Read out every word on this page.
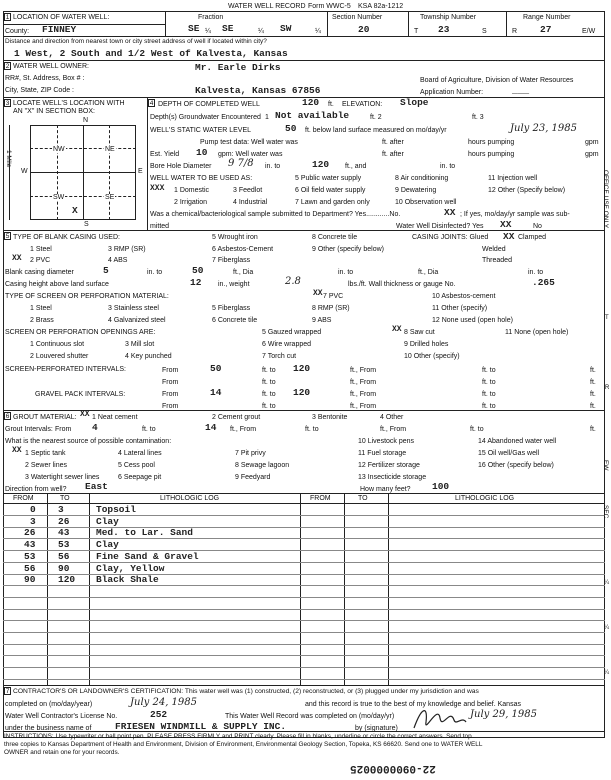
WATER WELL RECORD Form WWC-5 KSA 82a-1212
1 LOCATION OF WATER WELL:
County: FINNEY
Fraction
SE ¼ SE	¼ SW	¼
Section Number
20
Township Number
T 23	S
Range Number
R 27	E/W
Distance and direction from nearest town or city street address of well if located within city?
1 West, 2 South and 1/2 West of Kalvesta, Kansas
2 WATER WELL OWNER:	Mr. Earle Dirks
RR#, St. Address, Box # :	Board of Agriculture, Division of Water Resources
City, State, ZIP Code :	Kalvesta, Kansas 67856	Application Number:	___
3 LOCATE WELL'S LOCATION WITH
AN "X" IN SECTION BOX:
N
S
W	E
1 Mile
NW	NE
SW	SE
X
4 DEPTH OF COMPLETED WELL	120 ft. ELEVATION: Slope
Depth(s) Groundwater Encountered 1 Not available	ft. 2	ft. 3
WELL'S STATIC WATER LEVEL	50 ft. below land surface measured on mo/day/yr	July 23, 1985
Pump test data: Well water was	ft. after	hours pumping	gpm
Est. Yield 10 gpm: Well water was	ft. after	hours pumping	gpm
Bore Hole Diameter 9 7/8 in. to	120 ft., and	in. to
WELL WATER TO BE USED AS:
XXX 1 Domestic	3 Feedlot
5 Public water supply	8 Air conditioning	11 Injection well
2 Irrigation	4 Industrial
6 Oil field water supply	9 Dewatering	12 Other (Specify below)
7 Lawn and garden only	10 Observation well
Was a chemical/bacteriological sample submitted to Department? Yes............No.	XX ; If yes, mo/day/yr sample was sub-
mitted	Water Well Disinfected? Yes XX	No
5 TYPE OF BLANK CASING USED:
1 Steel	3 RMP (SR)
5 Wrought iron	8 Concrete tile
XX 2 PVC	4 ABS
6 Asbestos-Cement	9 Other (specify below)
7 Fiberglass
CASING JOINTS: Glued XX Clamped
Welded
Threaded
Blank casing diameter	5	in. to	50	ft., Dia	in. to	ft., Dia	in. to
Casing height above land surface	12 in., weight	2.8	lbs./ft. Wall thickness or gauge No.	.265
TYPE OF SCREEN OR PERFORATION MATERIAL:	XX 7 PVC
1 Steel	3 Stainless steel	5 Fiberglass	8 RMP (SR)
10 Asbestos-cement
2 Brass	4 Galvanized steel	6 Concrete tile	9 ABS
11 Other (specify)
12 None used (open hole)
SCREEN OR PERFORATION OPENINGS ARE:	5 Gauzed wrapped	XX 8 Saw cut	11 None (open hole)
1 Continuous slot	3 Mill slot	6 Wire wrapped	9 Drilled holes
2 Louvered shutter	4 Key punched	7 Torch cut	10 Other (specify)
SCREEN-PERFORATED INTERVALS:	From	50	ft. to 120	ft., From	ft. to	ft.
From	ft. to	ft., From	ft. to	ft.
GRAVEL PACK INTERVALS:	From	14	ft. to 120	ft., From	ft. to	ft.
From	ft. to	ft., From	ft. to	ft.
6 GROUT MATERIAL: XX 1 Neat cement	2 Cement grout	3 Bentonite	4 Other
Grout Intervals: From 4	ft. to	14 ft., From	ft. to	ft., From	ft. to	ft.
What is the nearest source of possible contamination:
XX 1 Septic tank	4 Lateral lines	7 Pit privy
10 Livestock pens	14 Abandoned water well
2 Sewer lines	5 Cess pool	8 Sewage lagoon
11 Fuel storage	15 Oil well/Gas well
3 Watertight sewer lines	6 Seepage pit	9 Feedyard
12 Fertilizer storage	16 Other (specify below)
13 Insecticide storage
Direction from well? East	How many feet? 100
FROM	TO	LITHOLOGIC LOG	FROM	TO	LITHOLOGIC LOG
0 3	Topsoil
3 26	Clay
26 43	Med. to Lar. Sand
43 53	Clay
53 56	Fine Sand & Gravel
56 90	Clay, Yellow
90 120 Black Shale
7 CONTRACTOR'S OR LANDOWNER'S CERTIFICATION: This water well was (1) constructed, (2) reconstructed, or (3) plugged under my jurisdiction and was
completed on (mo/day/year)	July 24, 1985	and this record is true to the best of my knowledge and belief. Kansas
Water Well Contractor's License No.	252	This Water Well Record was completed on (mo/day/yr)	July 29, 1985
under the business name of FRIESEN WINDMILL & SUPPLY INC.	by (signature)
INSTRUCTIONS: Use typewriter or ball point pen. PLEASE PRESS FIRMLY and PRINT clearly. Please fill in blanks, underline or circle the correct answers. Send top
three copies to Kansas Department of Health and Environment, Division of Environment, Environmental Geology Section, Topeka, KS 66620. Send one to WATER WELL
OWNER and retain one for your records.
22-0900000025
OFFICE USE ONLY
T
R
EW
SEC
¼
¼
¼
